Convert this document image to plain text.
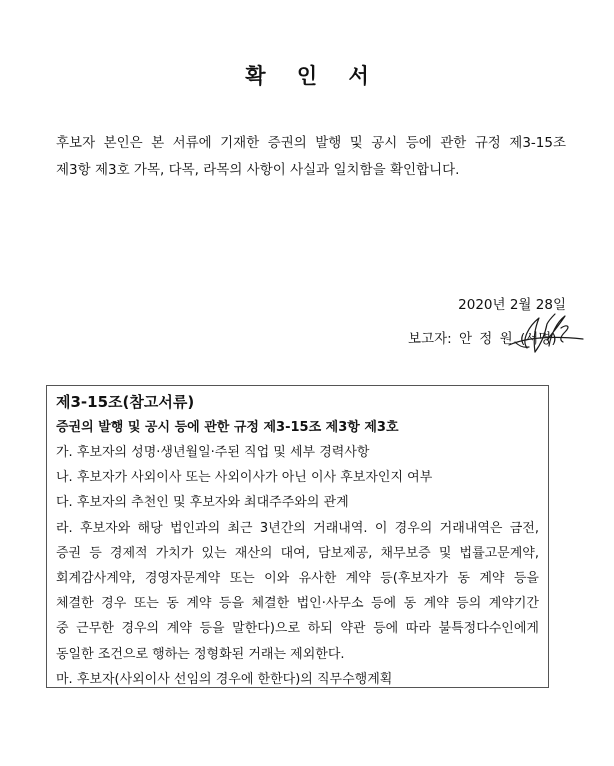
확 인 서
후보자 본인은 본 서류에 기재한 증권의 발행 및 공시 등에 관한 규정 제3-15조
제3항 제3호 가목, 다목, 라목의 사항이 사실과 일치함을 확인합니다.
2020년 2월 28일
보고자: 안 정 원 (서명)
제3-15조(참고서류)
증권의 발행 및 공시 등에 관한 규정 제3-15조 제3항 제3호
가. 후보자의 성명·생년월일·주된 직업 및 세부 경력사항
나. 후보자가 사외이사 또는 사외이사가 아닌 이사 후보자인지 여부
다. 후보자의 추천인 및 후보자와 최대주주와의 관계
라. 후보자와 해당 법인과의 최근 3년간의 거래내역. 이 경우의 거래내역은 금전,
증권 등 경제적 가치가 있는 재산의 대여, 담보제공, 채무보증 및 법률고문계약,
회계감사계약, 경영자문계약 또는 이와 유사한 계약 등(후보자가 동 계약 등을
체결한 경우 또는 동 계약 등을 체결한 법인·사무소 등에 동 계약 등의 계약기간
중 근무한 경우의 계약 등을 말한다)으로 하되 약관 등에 따라 불특정다수인에게
동일한 조건으로 행하는 정형화된 거래는 제외한다.
마. 후보자(사외이사 선임의 경우에 한한다)의 직무수행계획
